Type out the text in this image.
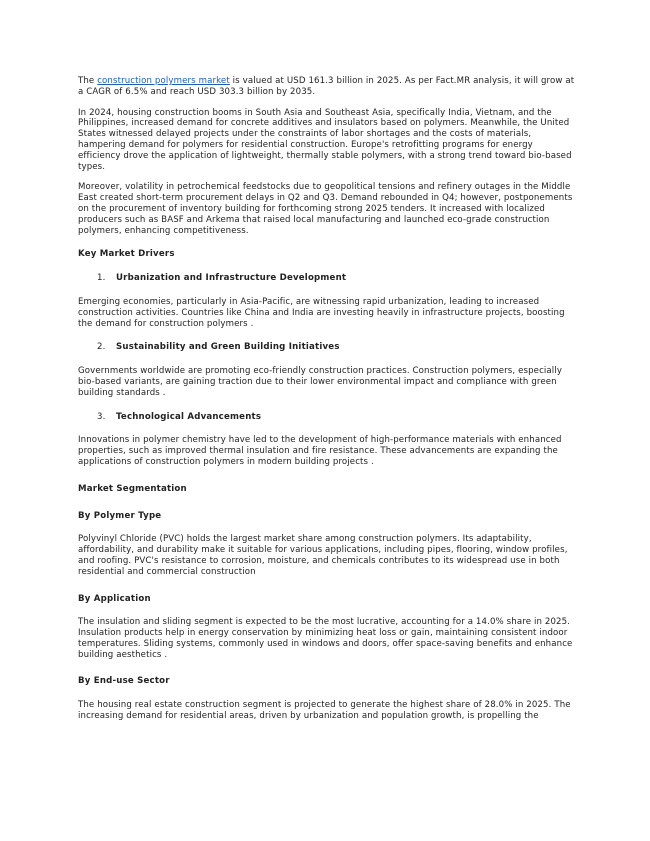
The construction polymers market is valued at USD 161.3 billion in 2025. As per Fact.MR analysis, it will grow at a CAGR of 6.5% and reach USD 303.3 billion by 2035.

In 2024, housing construction booms in South Asia and Southeast Asia, specifically India, Vietnam, and the Philippines, increased demand for concrete additives and insulators based on polymers. Meanwhile, the United States witnessed delayed projects under the constraints of labor shortages and the costs of materials, hampering demand for polymers for residential construction. Europe's retrofitting programs for energy efficiency drove the application of lightweight, thermally stable polymers, with a strong trend toward bio-based types.

Moreover, volatility in petrochemical feedstocks due to geopolitical tensions and refinery outages in the Middle East created short-term procurement delays in Q2 and Q3. Demand rebounded in Q4; however, postponements on the procurement of inventory building for forthcoming strong 2025 tenders. It increased with localized producers such as BASF and Arkema that raised local manufacturing and launched eco-grade construction polymers, enhancing competitiveness.

Key Market Drivers
1.	Urbanization and Infrastructure Development

Emerging economies, particularly in Asia-Pacific, are witnessing rapid urbanization, leading to increased construction activities. Countries like China and India are investing heavily in infrastructure projects, boosting the demand for construction polymers .

2.	Sustainability and Green Building Initiatives

Governments worldwide are promoting eco-friendly construction practices. Construction polymers, especially bio-based variants, are gaining traction due to their lower environmental impact and compliance with green building standards .

3.	Technological Advancements

Innovations in polymer chemistry have led to the development of high-performance materials with enhanced properties, such as improved thermal insulation and fire resistance. These advancements are expanding the applications of construction polymers in modern building projects .

Market Segmentation
By Polymer Type

Polyvinyl Chloride (PVC) holds the largest market share among construction polymers. Its adaptability, affordability, and durability make it suitable for various applications, including pipes, flooring, window profiles, and roofing. PVC's resistance to corrosion, moisture, and chemicals contributes to its widespread use in both residential and commercial construction

By Application

The insulation and sliding segment is expected to be the most lucrative, accounting for a 14.0% share in 2025. Insulation products help in energy conservation by minimizing heat loss or gain, maintaining consistent indoor temperatures. Sliding systems, commonly used in windows and doors, offer space-saving benefits and enhance building aesthetics .

By End-use Sector

The housing real estate construction segment is projected to generate the highest share of 28.0% in 2025. The increasing demand for residential areas, driven by urbanization and population growth, is propelling the
